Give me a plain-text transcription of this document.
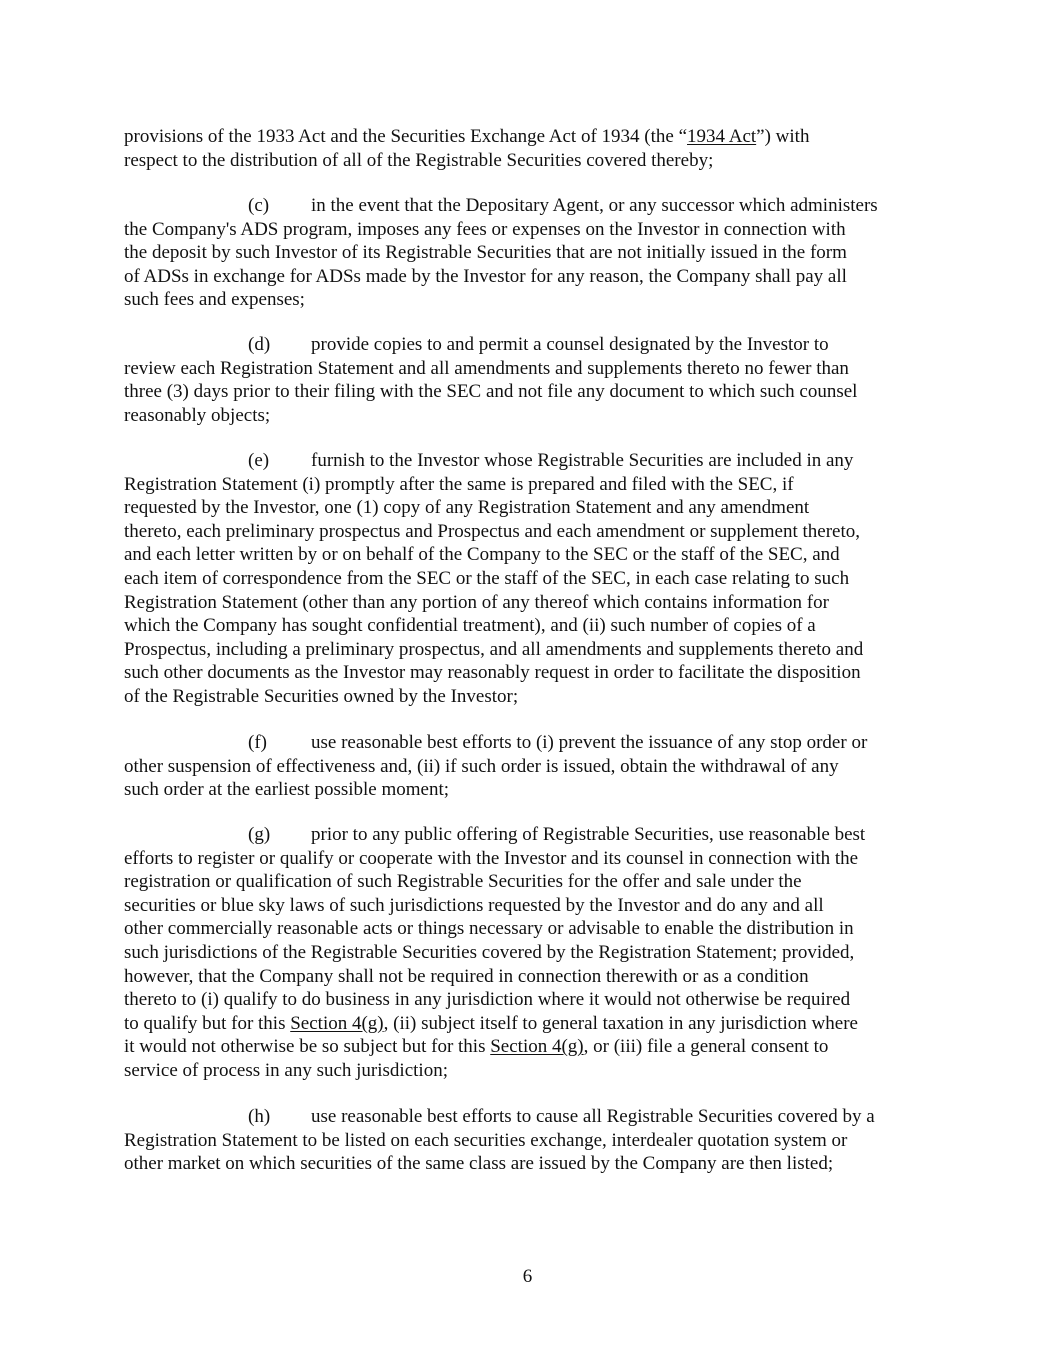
provisions of the 1933 Act and the Securities Exchange Act of 1934 (the “1934 Act”) with
respect to the distribution of all of the Registrable Securities covered thereby;

(c) in the event that the Depositary Agent, or any successor which administers
the Company's ADS program, imposes any fees or expenses on the Investor in connection with
the deposit by such Investor of its Registrable Securities that are not initially issued in the form
of ADSs in exchange for ADSs made by the Investor for any reason, the Company shall pay all
such fees and expenses;

(d) provide copies to and permit a counsel designated by the Investor to
review each Registration Statement and all amendments and supplements thereto no fewer than
three (3) days prior to their filing with the SEC and not file any document to which such counsel
reasonably objects;

(e) furnish to the Investor whose Registrable Securities are included in any
Registration Statement (i) promptly after the same is prepared and filed with the SEC, if
requested by the Investor, one (1) copy of any Registration Statement and any amendment
thereto, each preliminary prospectus and Prospectus and each amendment or supplement thereto,
and each letter written by or on behalf of the Company to the SEC or the staff of the SEC, and
each item of correspondence from the SEC or the staff of the SEC, in each case relating to such
Registration Statement (other than any portion of any thereof which contains information for
which the Company has sought confidential treatment), and (ii) such number of copies of a
Prospectus, including a preliminary prospectus, and all amendments and supplements thereto and
such other documents as the Investor may reasonably request in order to facilitate the disposition
of the Registrable Securities owned by the Investor;

(f) use reasonable best efforts to (i) prevent the issuance of any stop order or
other suspension of effectiveness and, (ii) if such order is issued, obtain the withdrawal of any
such order at the earliest possible moment;

(g) prior to any public offering of Registrable Securities, use reasonable best
efforts to register or qualify or cooperate with the Investor and its counsel in connection with the
registration or qualification of such Registrable Securities for the offer and sale under the
securities or blue sky laws of such jurisdictions requested by the Investor and do any and all
other commercially reasonable acts or things necessary or advisable to enable the distribution in
such jurisdictions of the Registrable Securities covered by the Registration Statement; provided,
however, that the Company shall not be required in connection therewith or as a condition
thereto to (i) qualify to do business in any jurisdiction where it would not otherwise be required
to qualify but for this Section 4(g), (ii) subject itself to general taxation in any jurisdiction where
it would not otherwise be so subject but for this Section 4(g), or (iii) file a general consent to
service of process in any such jurisdiction;

(h) use reasonable best efforts to cause all Registrable Securities covered by a
Registration Statement to be listed on each securities exchange, interdealer quotation system or
other market on which securities of the same class are issued by the Company are then listed;

6
